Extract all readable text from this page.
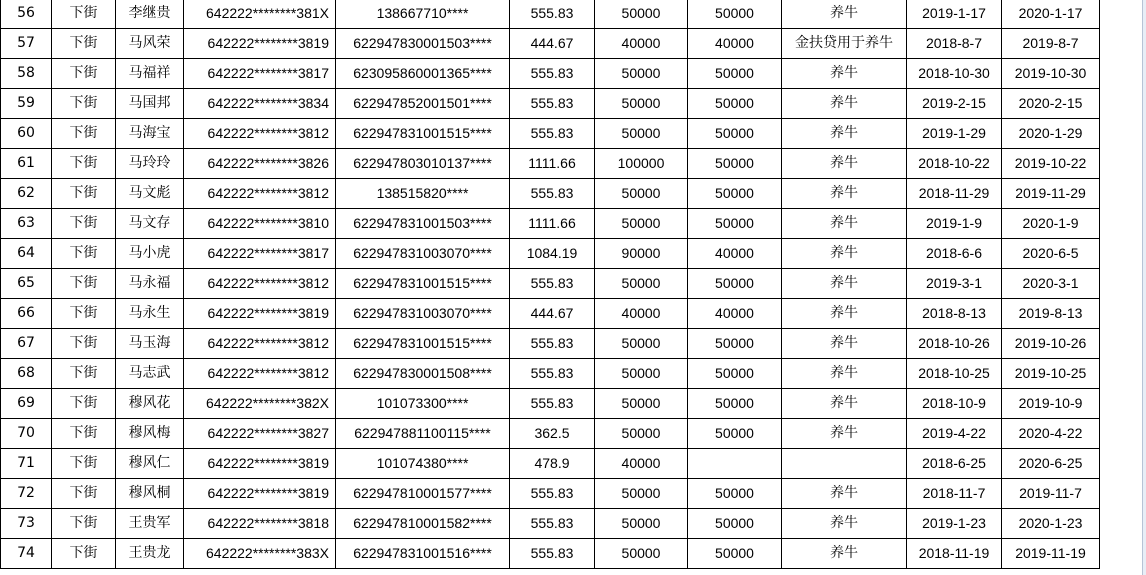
56	下街	李继贵	642222********381X	138667710****	555.83	50000	50000	养牛	2019-1-17	2020-1-17
57	下街	马风荣	642222********3819	622947830001503****	444.67	40000	40000	金扶贷用于养牛	2018-8-7	2019-8-7
58	下街	马福祥	642222********3817	623095860001365****	555.83	50000	50000	养牛	2018-10-30	2019-10-30
59	下街	马国邦	642222********3834	622947852001501****	555.83	50000	50000	养牛	2019-2-15	2020-2-15
60	下街	马海宝	642222********3812	622947831001515****	555.83	50000	50000	养牛	2019-1-29	2020-1-29
61	下街	马玲玲	642222********3826	622947803010137****	1111.66	100000	50000	养牛	2018-10-22	2019-10-22
62	下街	马文彪	642222********3812	138515820****	555.83	50000	50000	养牛	2018-11-29	2019-11-29
63	下街	马文存	642222********3810	622947831001503****	1111.66	50000	50000	养牛	2019-1-9	2020-1-9
64	下街	马小虎	642222********3817	622947831003070****	1084.19	90000	40000	养牛	2018-6-6	2020-6-5
65	下街	马永福	642222********3812	622947831001515****	555.83	50000	50000	养牛	2019-3-1	2020-3-1
66	下街	马永生	642222********3819	622947831003070****	444.67	40000	40000	养牛	2018-8-13	2019-8-13
67	下街	马玉海	642222********3812	622947831001515****	555.83	50000	50000	养牛	2018-10-26	2019-10-26
68	下街	马志武	642222********3812	622947830001508****	555.83	50000	50000	养牛	2018-10-25	2019-10-25
69	下街	穆风花	642222********382X	101073300****	555.83	50000	50000	养牛	2018-10-9	2019-10-9
70	下街	穆风梅	642222********3827	622947881100115****	362.5	50000	50000	养牛	2019-4-22	2020-4-22
71	下街	穆风仁	642222********3819	101074380****	478.9	40000			2018-6-25	2020-6-25
72	下街	穆风桐	642222********3819	622947810001577****	555.83	50000	50000	养牛	2018-11-7	2019-11-7
73	下街	王贵军	642222********3818	622947810001582****	555.83	50000	50000	养牛	2019-1-23	2020-1-23
74	下街	王贵龙	642222********383X	622947831001516****	555.83	50000	50000	养牛	2018-11-19	2019-11-19
